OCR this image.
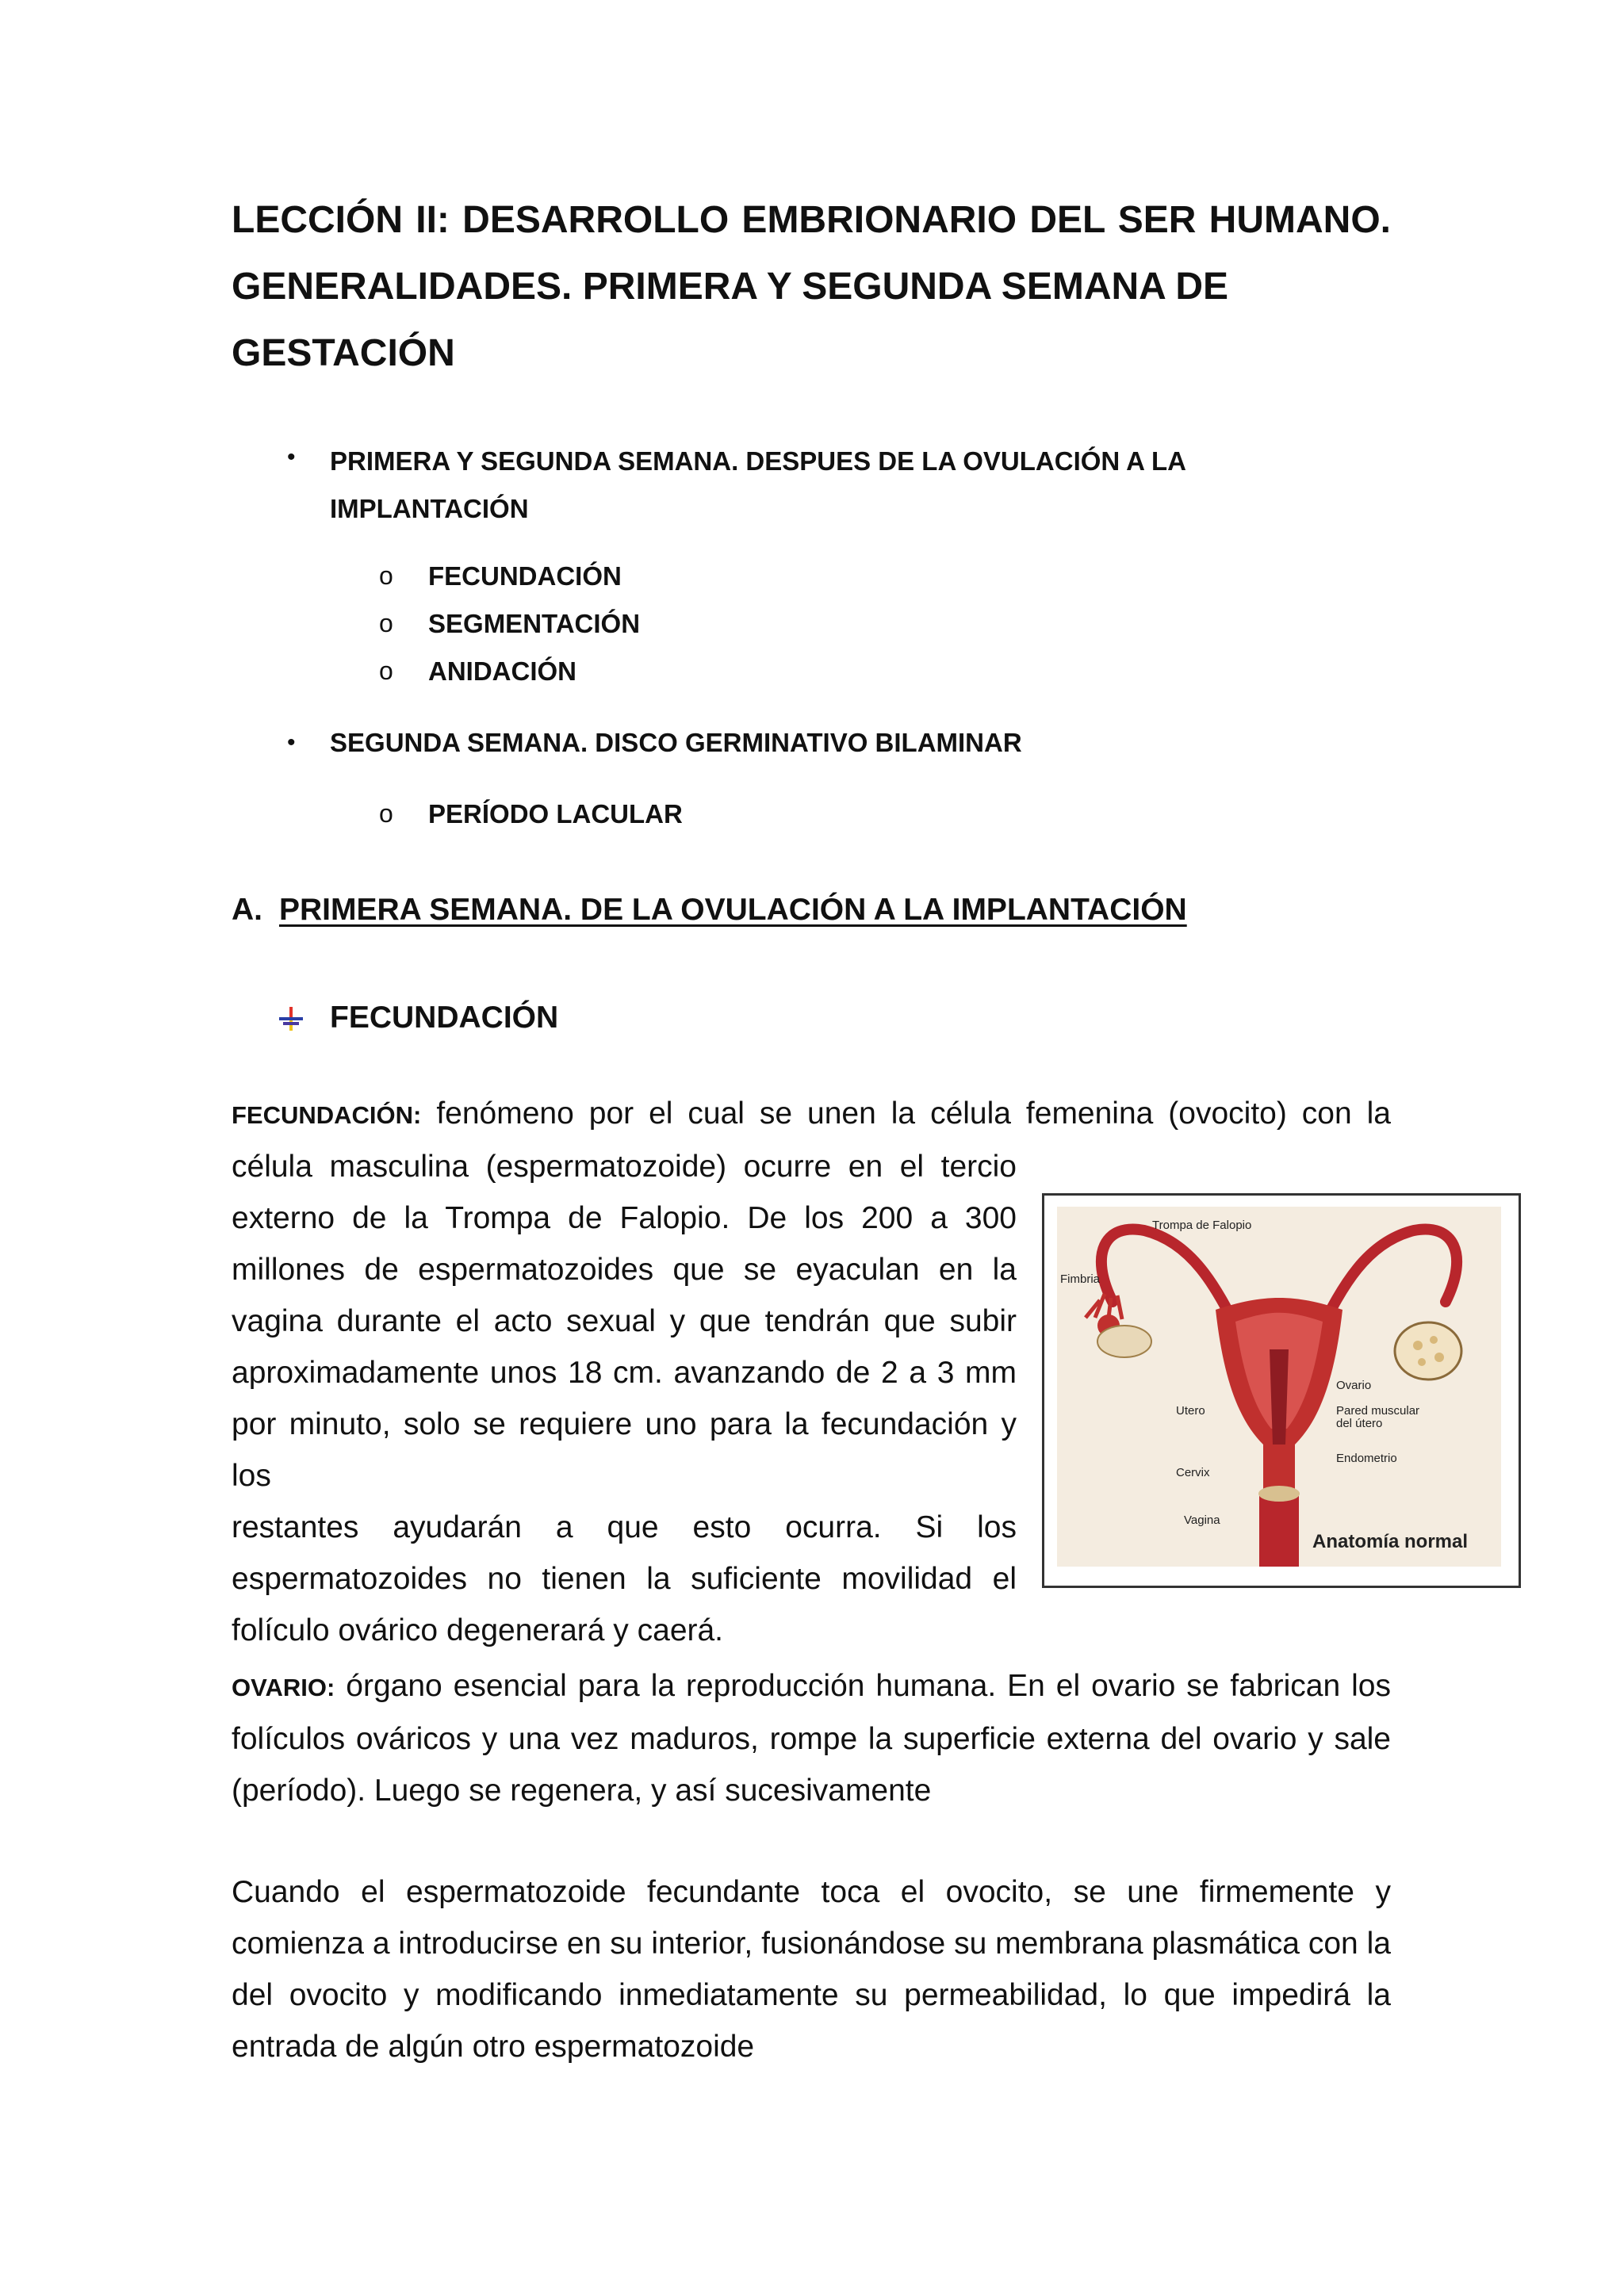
LECCIÓN II: DESARROLLO EMBRIONARIO DEL SER HUMANO. GENERALIDADES. PRIMERA Y SEGUNDA SEMANA DE
GESTACIÓN
• PRIMERA Y SEGUNDA SEMANA. DESPUES DE LA OVULACIÓN A LA
IMPLANTACIÓN
o FECUNDACIÓN
o SEGMENTACIÓN
o ANIDACIÓN
• SEGUNDA SEMANA. DISCO GERMINATIVO BILAMINAR
o PERÍODO LACULAR
A. PRIMERA SEMANA. DE LA OVULACIÓN A LA IMPLANTACIÓN
FECUNDACIÓN
FECUNDACIÓN: fenómeno por el cual se unen la célula femenina (ovocito) con la
célula masculina (espermatozoide) ocurre en el tercio
externo de la Trompa de Falopio. De los 200 a 300
millones de espermatozoides que se eyaculan en la
vagina durante el acto sexual y que tendrán que subir
aproximadamente unos 18 cm. avanzando de 2 a 3 mm
por minuto, solo se requiere uno para la fecundación y los
restantes ayudarán a que esto ocurra. Si los
espermatozoides no tienen la suficiente movilidad el
folículo ovárico degenerará y caerá.
Trompa de Falopio
Fimbria
Ovario
Utero	Pared muscular
del útero
Endometrio
Cervix
Vagina
Anatomía normal
OVARIO: órgano esencial para la reproducción humana. En el ovario se fabrican los folículos ováricos y una vez maduros, rompe la superficie externa del ovario y sale (período). Luego se regenera, y así sucesivamente
Cuando el espermatozoide fecundante toca el ovocito, se une firmemente y comienza a introducirse en su interior, fusionándose su membrana plasmática con la del ovocito y modificando inmediatamente su permeabilidad, lo que impedirá la entrada de algún otro espermatozoide
